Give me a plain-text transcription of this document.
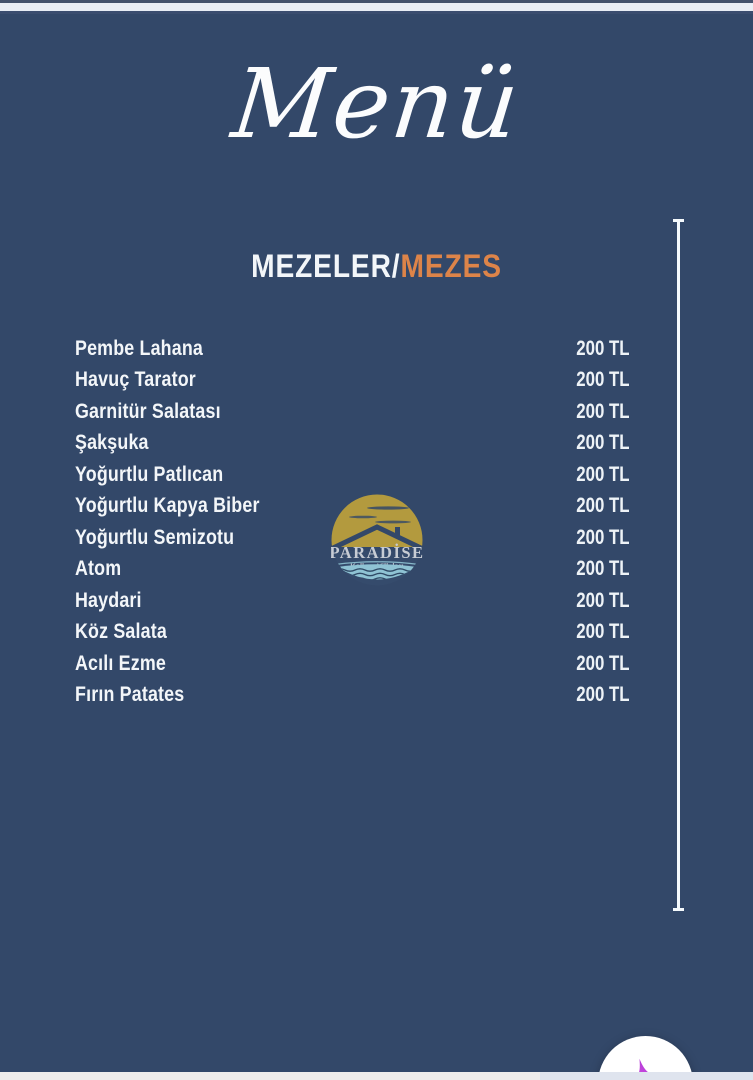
Menü
MEZELER/MEZES
Pembe Lahana	200 TL
Havuç Tarator	200 TL
Garnitür Salatası	200 TL
Şakşuka	200 TL
Yoğurtlu Patlıcan	200 TL
Yoğurtlu Kapya Biber	200 TL
Yoğurtlu Semizotu	200 TL
Atom	200 TL
Haydari	200 TL
Köz Salata	200 TL
Acılı Ezme	200 TL
Fırın Patates	200 TL
PARADİSE
